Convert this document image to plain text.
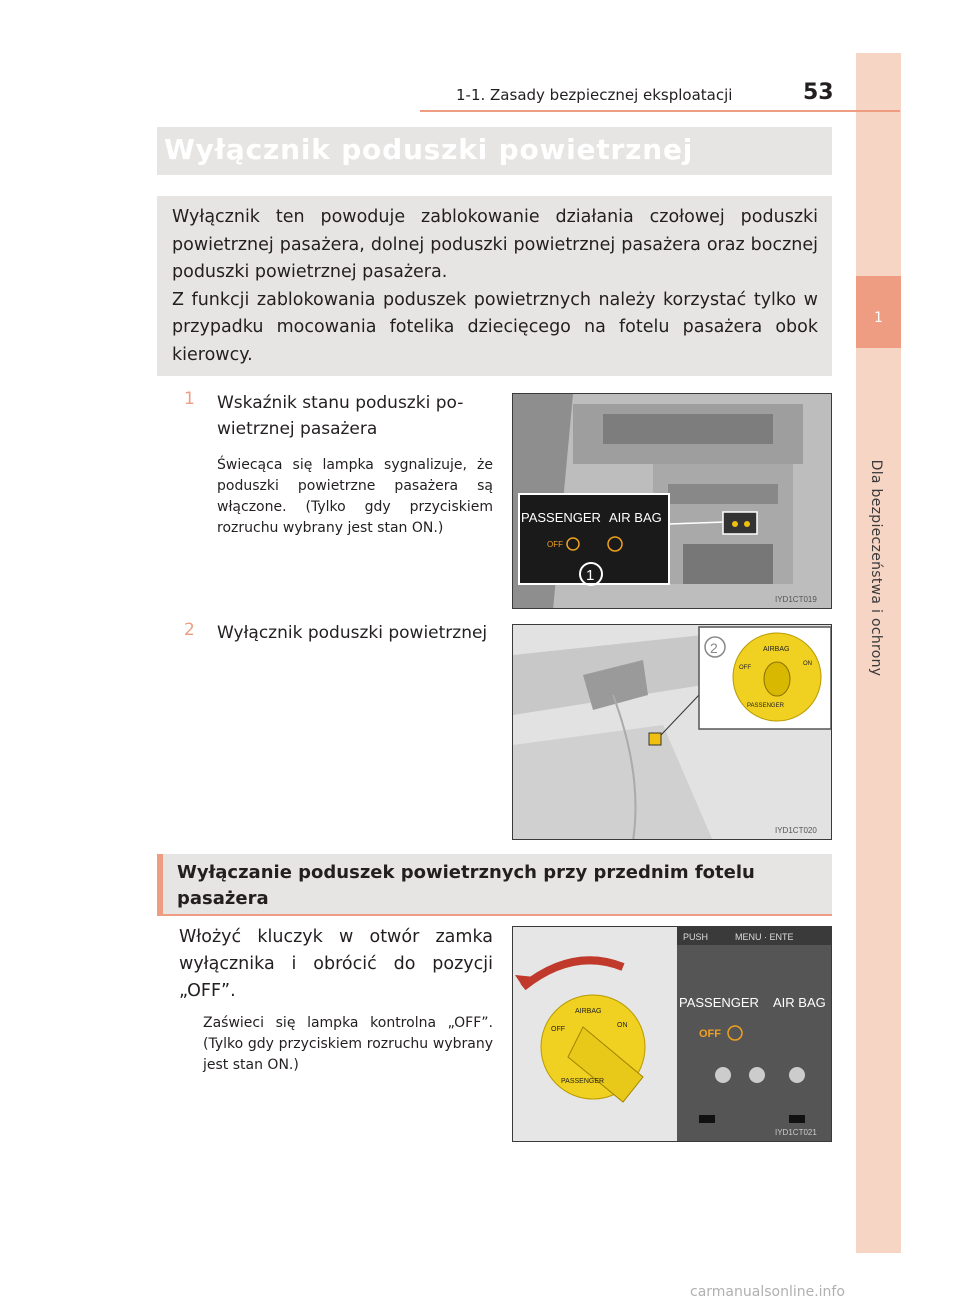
1
Dla bezpieczeństwa i ochrony
1-1. Zasady bezpiecznej eksploatacji	53
Wyłącznik poduszki powietrznej

Wyłącznik ten powoduje zablokowanie działania czołowej poduszki powietrznej pasażera, dolnej poduszki powietrznej pasażera oraz bocznej poduszki powietrznej pasażera.

Z funkcji zablokowania poduszek powietrznych należy korzystać tylko w przypadku mocowania fotelika dziecięcego na fotelu pasażera obok kierowcy.

1 Wskaźnik stanu poduszki po-
wietrznej pasażera
Świecąca się lampka sygnalizuje, że poduszki powietrzne pasażera są włączone. (Tylko gdy przyciskiem rozruchu wybrany jest stan ON.)
PASSENGER AIR BAG
OFF
1
IYD1CT019
2 Wyłącznik poduszki powietrznej
AIRBAG
OFF
ON
PASSENGER
2
IYD1CT020
Wyłączanie poduszek powietrznych przy przednim fotelu
pasażera
Włożyć kluczyk w otwór zamka
wyłącznika i obrócić do pozycji
„OFF”.
Zaświeci się lampka kontrolna „OFF”. (Tylko gdy przyciskiem rozruchu wybrany jest stan ON.)
PUSH	MENU · ENTE
PASSENGER AIR BAG
OFF
AIRBAG
OFF
ON
PASSENGER
IYD1CT021
carmanualsonline.info
